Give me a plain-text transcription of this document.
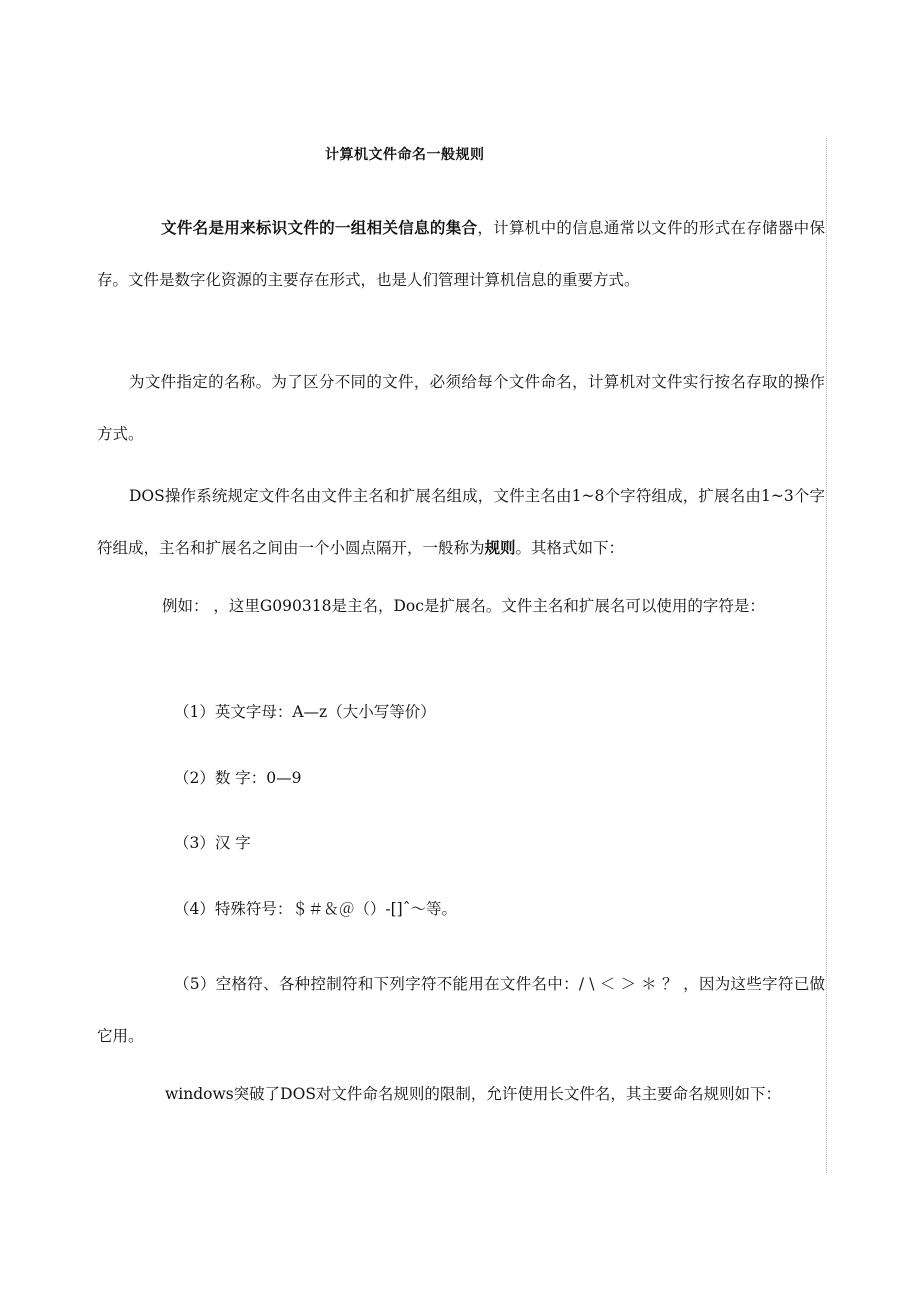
计算机文件命名一般规则

文件名是用来标识文件的一组相关信息的集合，计算机中的信息通常以文件的形式在存储器中保存。文件是数字化资源的主要存在形式，也是人们管理计算机信息的重要方式。

为文件指定的名称。为了区分不同的文件，必须给每个文件命名，计算机对文件实行按名存取的操作方式。

DOS操作系统规定文件名由文件主名和扩展名组成，文件主名由1~8个字符组成，扩展名由1~3个字符组成，主名和扩展名之间由一个小圆点隔开，一般称为规则。其格式如下：

例如： ，这里G090318是主名，Doc是扩展名。文件主名和扩展名可以使用的字符是：

（1）英文字母：A—z（大小写等价）

（2）数 字：0—9

（3）汉 字

（4）特殊符号：＄＃＆＠（）-[]ˆ～等。

（5）空格符、各种控制符和下列字符不能用在文件名中：/ \ ＜ ＞ ＊ ？ ，因为这些字符已做它用。

windows突破了DOS对文件命名规则的限制，允许使用长文件名，其主要命名规则如下：
